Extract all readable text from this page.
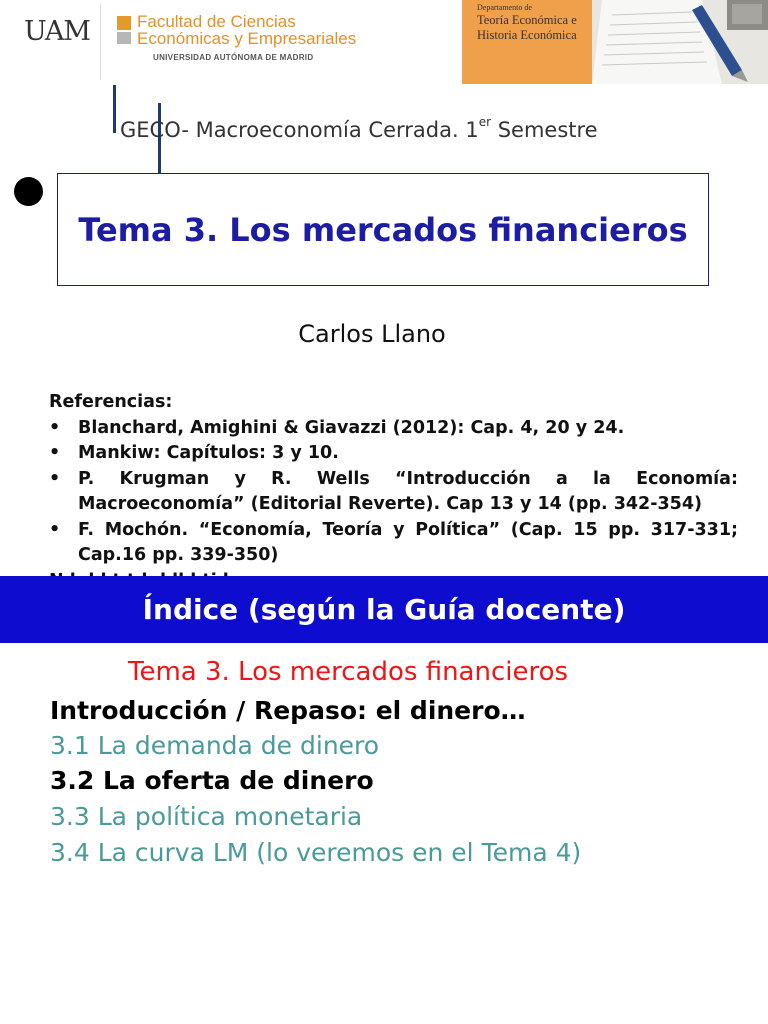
UAM	Facultad de Ciencias
Económicas y Empresariales
UNIVERSIDAD AUTÓNOMA DE MADRID
Departamento de
Teoría Económica e
Historia Económica
GECO- Macroeconomía Cerrada. 1er Semestre
Tema 3. Los mercados financieros
Carlos Llano
Referencias:
• Blanchard, Amighini & Giavazzi (2012): Cap. 4, 20 y 24.
• Mankiw: Capítulos: 3 y 10.
• P. Krugman y R. Wells “Introducción a la Economía: Macroeconomía” (Editorial Reverte). Cap 13 y 14 (pp. 342-354)
• F. Mochón. “Economía, Teoría y Política” (Cap. 15 pp. 317-331; Cap.16 pp. 339-350)
Índice (según la Guía docente)
Tema 3. Los mercados financieros
Introducción / Repaso: el dinero…
3.1 La demanda de dinero
3.2 La oferta de dinero
3.3 La política monetaria
3.4 La curva LM (lo veremos en el Tema 4)
